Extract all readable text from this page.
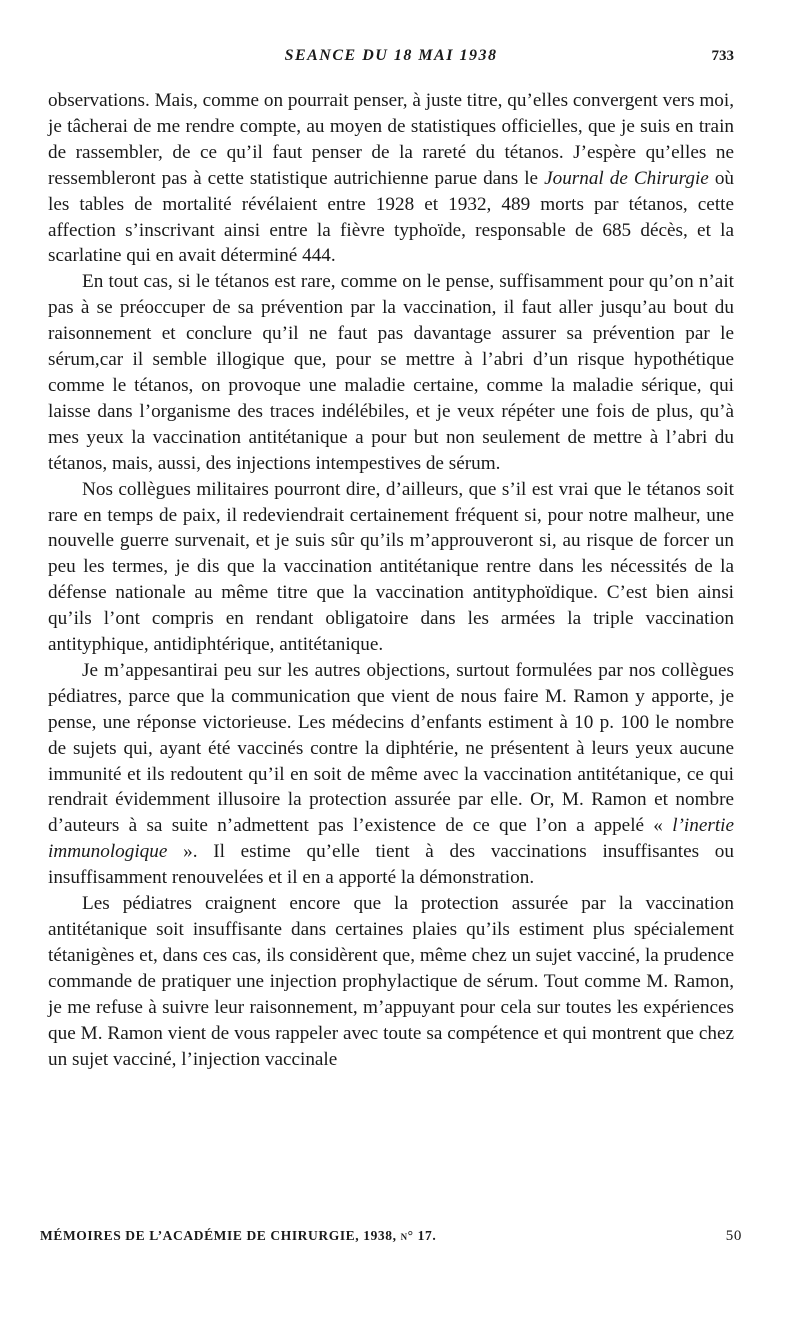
SEANCE DU 18 MAI 1938	733

observations. Mais, comme on pourrait penser, à juste titre, qu’elles convergent vers moi, je tâcherai de me rendre compte, au moyen de statistiques officielles, que je suis en train de rassembler, de ce qu’il faut penser de la rareté du tétanos. J’espère qu’elles ne ressembleront pas à cette statistique autrichienne parue dans le Journal de Chirurgie où les tables de mortalité révélaient entre 1928 et 1932, 489 morts par tétanos, cette affection s’inscrivant ainsi entre la fièvre typhoïde, responsable de 685 décès, et la scarlatine qui en avait déterminé 444.

En tout cas, si le tétanos est rare, comme on le pense, suffisamment pour qu’on n’ait pas à se préoccuper de sa prévention par la vaccination, il faut aller jusqu’au bout du raisonnement et conclure qu’il ne faut pas davantage assurer sa prévention par le sérum,car il semble illogique que, pour se mettre à l’abri d’un risque hypothétique comme le tétanos, on provoque une maladie certaine, comme la maladie sérique, qui laisse dans l’organisme des traces indélébiles, et je veux répéter une fois de plus, qu’à mes yeux la vaccination antitétanique a pour but non seulement de mettre à l’abri du tétanos, mais, aussi, des injections intempestives de sérum.

Nos collègues militaires pourront dire, d’ailleurs, que s’il est vrai que le tétanos soit rare en temps de paix, il redeviendrait certainement fréquent si, pour notre malheur, une nouvelle guerre survenait, et je suis sûr qu’ils m’approuveront si, au risque de forcer un peu les termes, je dis que la vaccination antitétanique rentre dans les nécessités de la défense nationale au même titre que la vaccination antityphoïdique. C’est bien ainsi qu’ils l’ont compris en rendant obligatoire dans les armées la triple vaccination antityphique, antidiphtérique, antitétanique.

Je m’appesantirai peu sur les autres objections, surtout formulées par nos collègues pédiatres, parce que la communication que vient de nous faire M. Ramon y apporte, je pense, une réponse victorieuse. Les médecins d’enfants estiment à 10 p. 100 le nombre de sujets qui, ayant été vaccinés contre la diphtérie, ne présentent à leurs yeux aucune immunité et ils redoutent qu’il en soit de même avec la vaccination antitétanique, ce qui rendrait évidemment illusoire la protection assurée par elle. Or, M. Ramon et nombre d’auteurs à sa suite n’admettent pas l’existence de ce que l’on a appelé « l’inertie immunologique ». Il estime qu’elle tient à des vaccinations insuffisantes ou insuffisamment renouvelées et il en a apporté la démonstration.

Les pédiatres craignent encore que la protection assurée par la vaccination antitétanique soit insuffisante dans certaines plaies qu’ils estiment plus spécialement tétanigènes et, dans ces cas, ils considèrent que, même chez un sujet vacciné, la prudence commande de pratiquer une injection prophylactique de sérum. Tout comme M. Ramon, je me refuse à suivre leur raisonnement, m’appuyant pour cela sur toutes les expériences que M. Ramon vient de vous rappeler avec toute sa compétence et qui montrent que chez un sujet vacciné, l’injection vaccinale

MÉMOIRES DE L’ACADÉMIE DE CHIRURGIE, 1938, n° 17.	50
